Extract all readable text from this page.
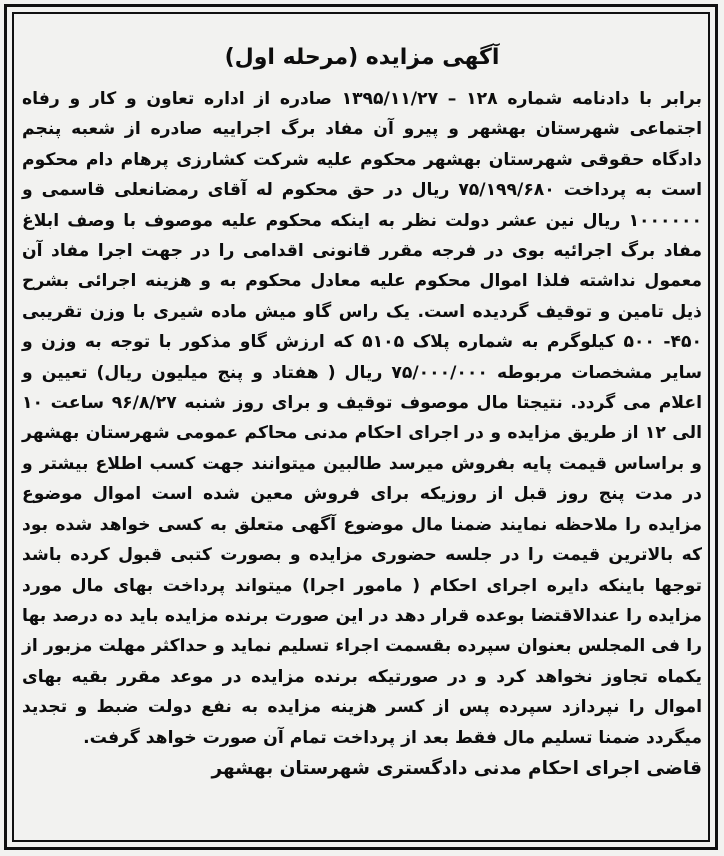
آگهی مزایده (مرحله اول)

برابر با دادنامه شماره ۱۲۸ – ۱۳۹۵/۱۱/۲۷ صادره از اداره تعاون و کار و رفاه اجتماعی شهرستان بهشهر و پیرو آن مفاد برگ اجراییه صادره از شعبه پنجم دادگاه حقوقی شهرستان بهشهر محکوم علیه شرکت کشارزی پرهام دام محکوم است به پرداخت ۷۵/۱۹۹/۶۸۰ ریال در حق محکوم له آقای رمضانعلی قاسمی و ۱۰۰۰۰۰۰ ریال نین عشر دولت نظر به اینکه محکوم علیه موصوف با وصف ابلاغ مفاد برگ اجرائیه بوی در فرجه مقرر قانونی اقدامی را در جهت اجرا مفاد آن معمول نداشته فلذا اموال محکوم علیه معادل محکوم به و هزینه اجرائی بشرح ذیل تامین و توقیف گردیده است. یک راس گاو میش ماده شیری با وزن تقریبی ۴۵۰- ۵۰۰ کیلوگرم به شماره پلاک ۵۱۰۵ که ارزش گاو مذکور با توجه به وزن و سایر مشخصات مربوطه ۷۵/۰۰۰/۰۰۰ ریال ( هفتاد و پنج میلیون ریال) تعیین و اعلام می گردد. نتیجتا مال موصوف توقیف و برای روز شنبه ۹۶/۸/۲۷ ساعت ۱۰ الی ۱۲ از طریق مزایده و در اجرای احکام مدنی محاکم عمومی شهرستان بهشهر و براساس قیمت پایه بفروش میرسد طالبین میتوانند جهت کسب اطلاع بیشتر و در مدت پنج روز قبل از روزیکه برای فروش معین شده است اموال موضوع مزایده را ملاحظه نمایند ضمنا مال موضوع آگهی متعلق به کسی خواهد شده بود که بالاترین قیمت را در جلسه حضوری مزایده و بصورت کتبی قبول کرده باشد توجها باینکه دایره اجرای احکام ( مامور اجرا) میتواند پرداخت بهای مال مورد مزایده را عندالاقتضا بوعده قرار دهد در این صورت برنده مزایده باید ده درصد بها را فی المجلس بعنوان سپرده بقسمت اجراء تسلیم نماید و حداکثر مهلت مزبور از یکماه تجاوز نخواهد کرد و در صورتیکه برنده مزایده در موعد مقرر بقیه بهای اموال را نپردازد سپرده پس از کسر هزینه مزایده به نفع دولت ضبط و تجدید میگردد ضمنا تسلیم مال فقط بعد از پرداخت تمام آن صورت خواهد گرفت.

قاضی اجرای احکام مدنی دادگستری شهرستان بهشهر
